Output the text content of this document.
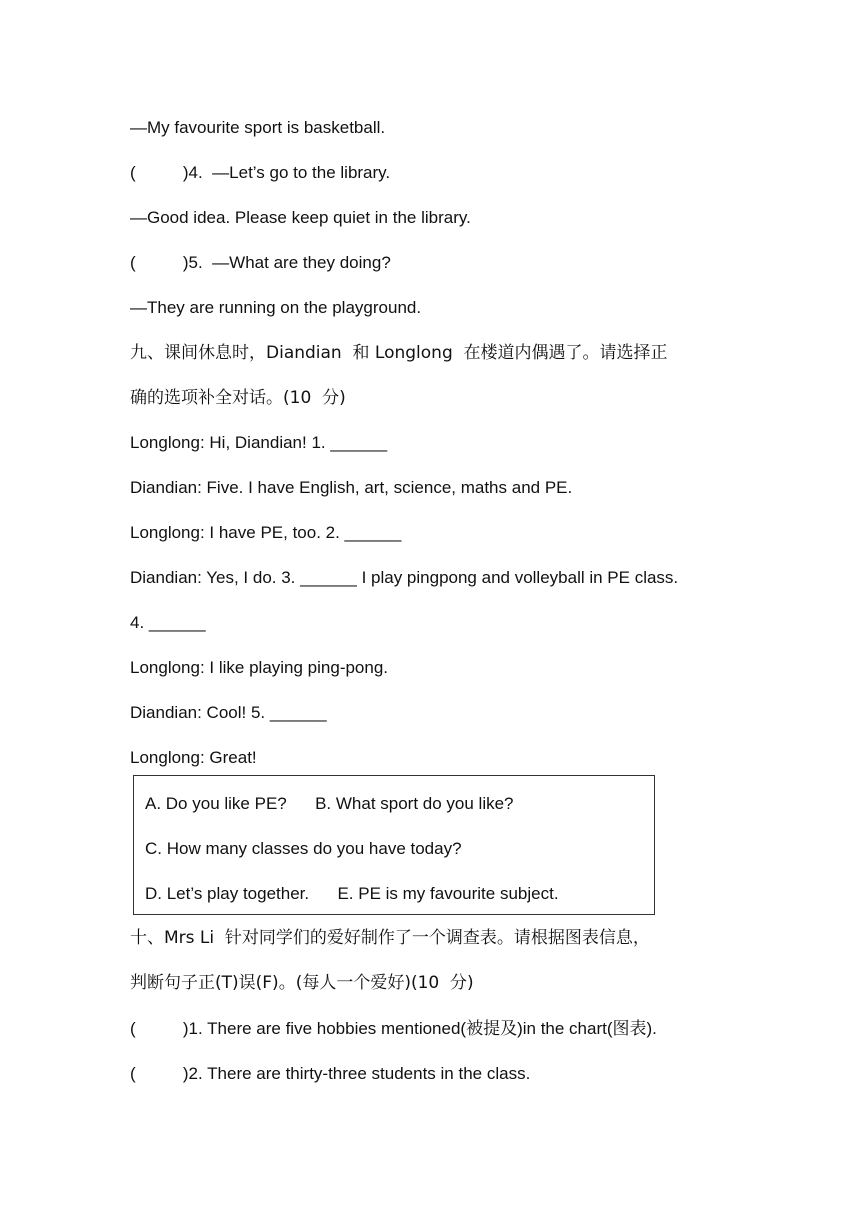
—My favourite sport is basketball.
(          )4.  —Let’s go to the library.
—Good idea. Please keep quiet in the library.
(          )5.  —What are they doing?
—They are running on the playground.
九、课间休息时，Diandian  和 Longlong  在楼道内偶遇了。请选择正
确的选项补全对话。(10  分)
Longlong: Hi, Diandian! 1. ______
Diandian: Five. I have English, art, science, maths and PE.
Longlong: I have PE, too. 2. ______
Diandian: Yes, I do. 3. ______ I play pingpong and volleyball in PE class.
4. ______
Longlong: I like playing ping-pong.
Diandian: Cool! 5. ______
Longlong: Great!
A. Do you like PE?      B. What sport do you like?
C. How many classes do you have today?
D. Let’s play together.      E. PE is my favourite subject.
十、Mrs Li  针对同学们的爱好制作了一个调查表。请根据图表信息，
判断句子正(T)误(F)。(每人一个爱好)(10  分)
(          )1. There are five hobbies mentioned(被提及)in the chart(图表).
(          )2. There are thirty-three students in the class.
